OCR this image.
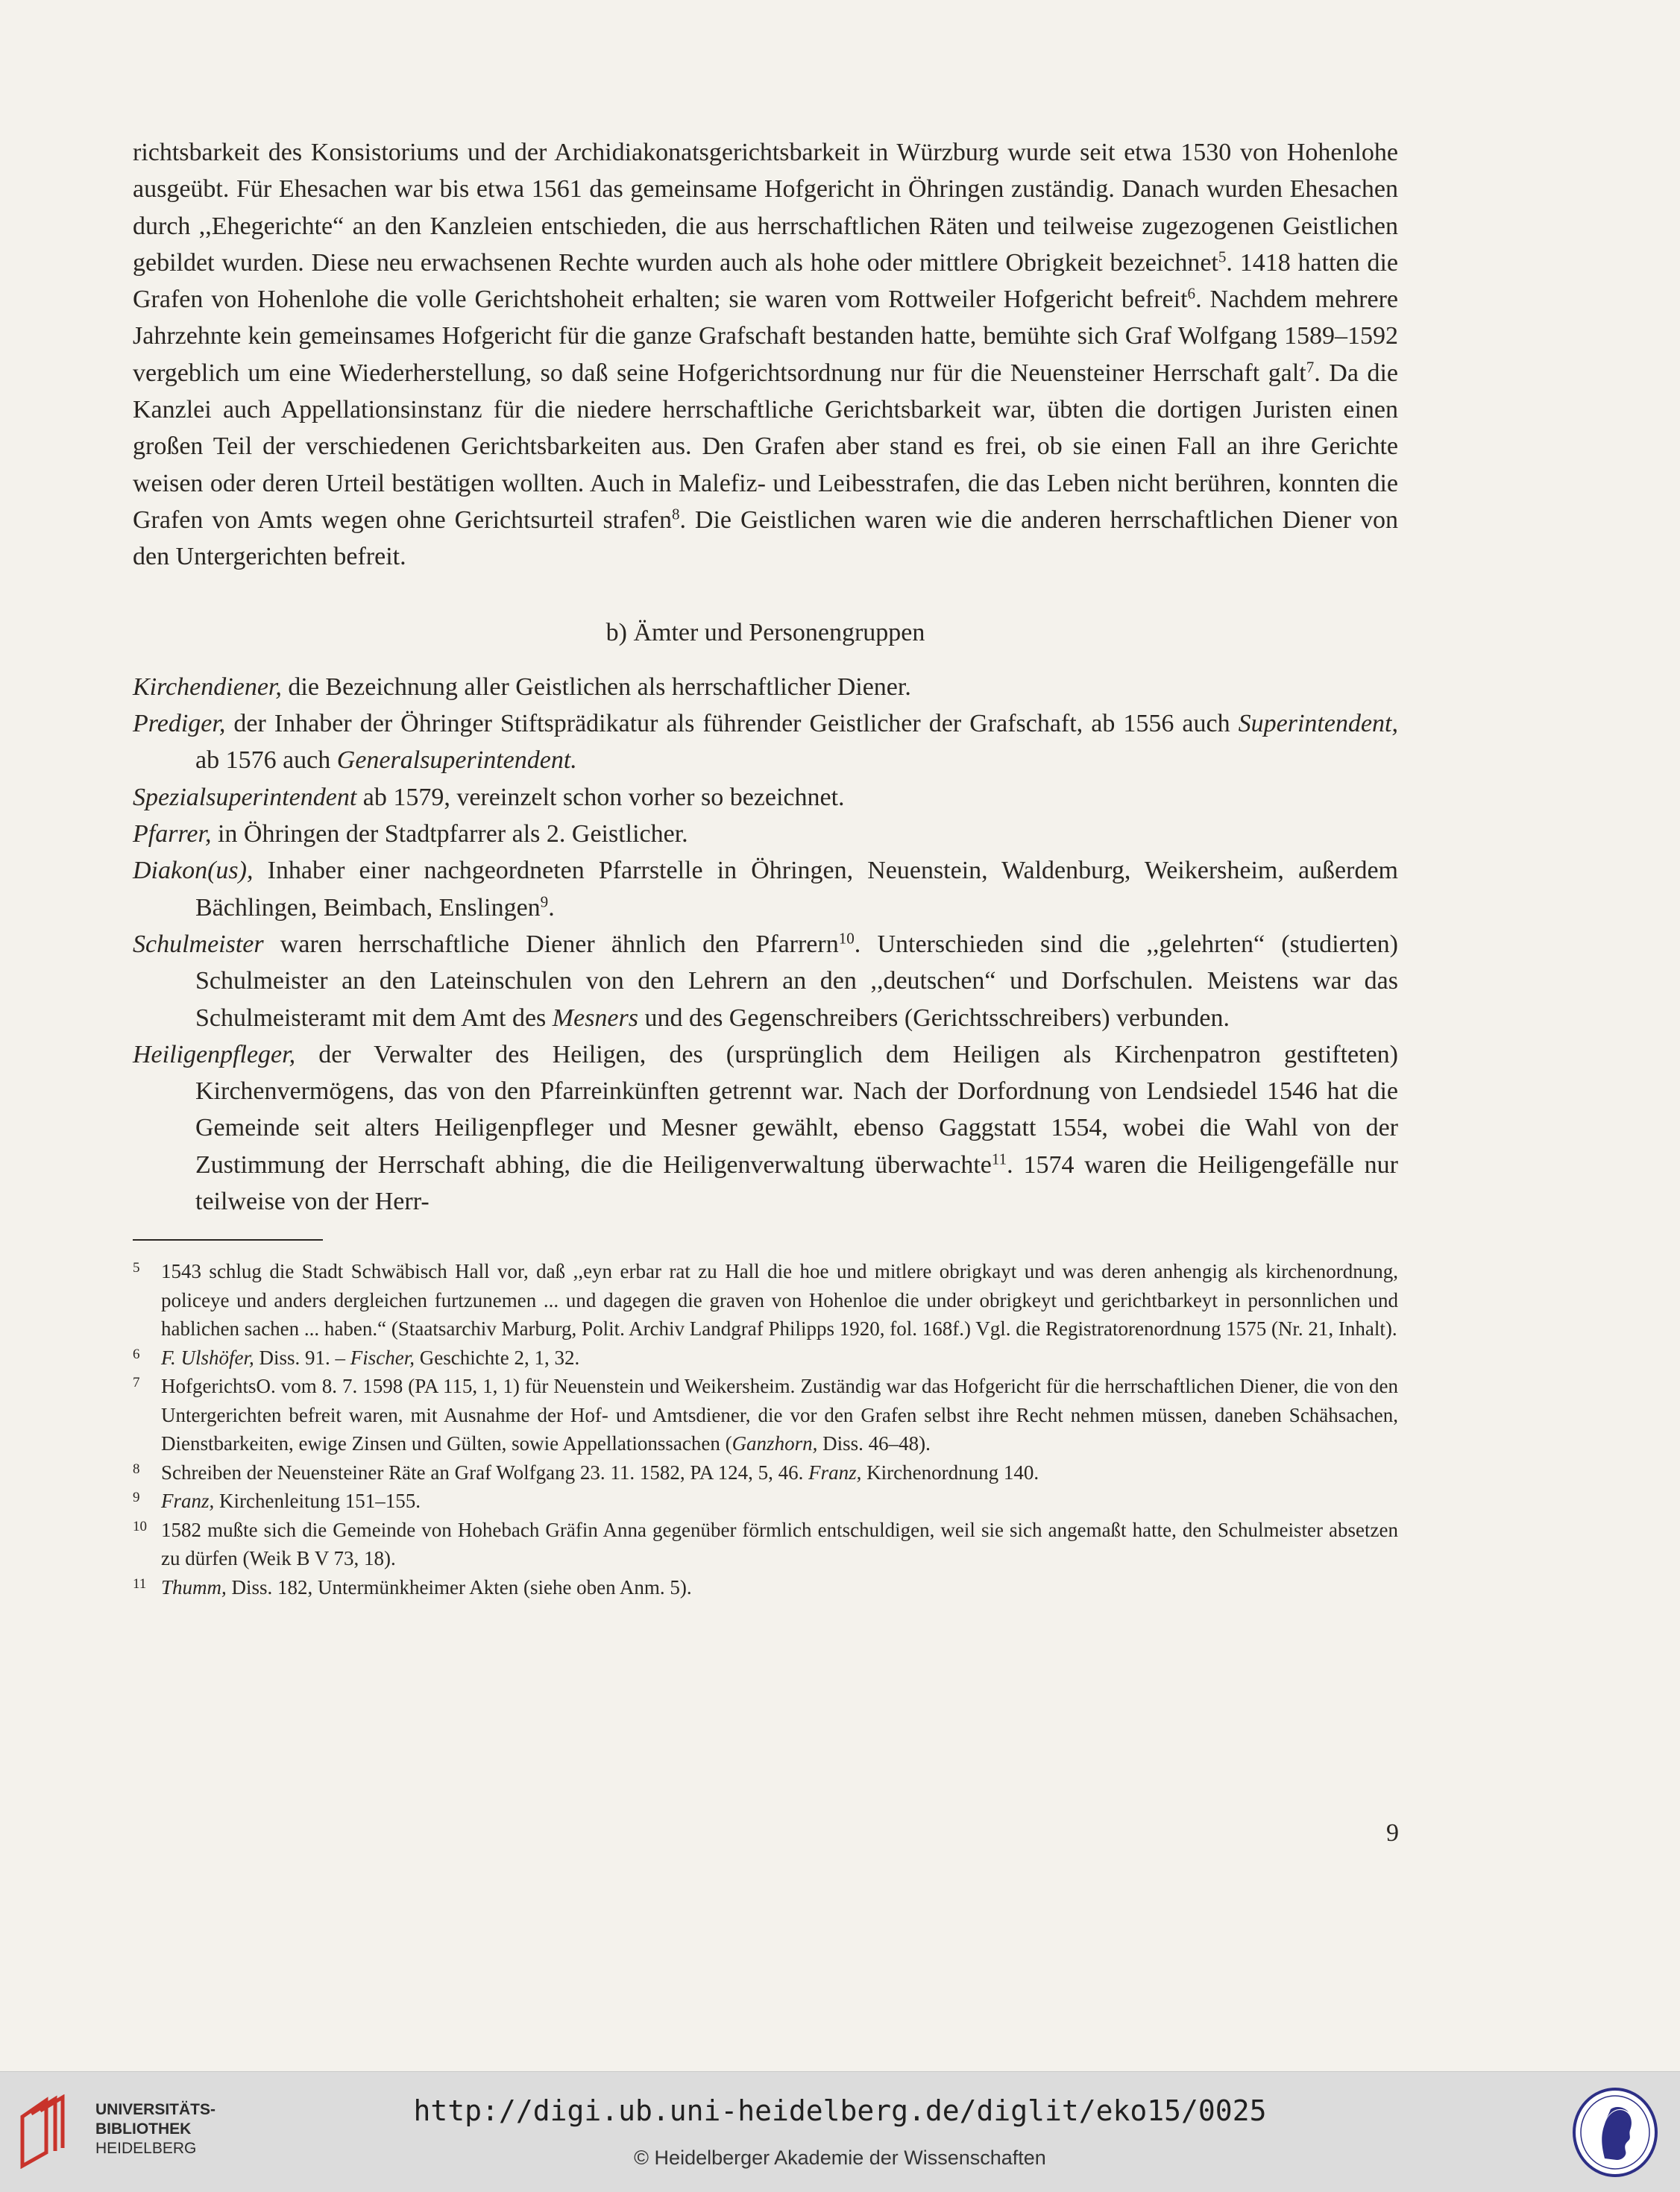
richtsbarkeit des Konsistoriums und der Archidiakonatsgerichtsbarkeit in Würzburg wurde seit etwa 1530 von Hohenlohe ausgeübt. Für Ehesachen war bis etwa 1561 das gemeinsame Hofgericht in Öhringen zuständig. Danach wurden Ehesachen durch ,,Ehegerichte“ an den Kanzleien entschieden, die aus herrschaftlichen Räten und teilweise zugezogenen Geistlichen gebildet wurden. Diese neu erwachsenen Rechte wurden auch als hohe oder mittlere Obrigkeit bezeichnet$^5$. 1418 hatten die Grafen von Hohenlohe die volle Gerichtshoheit erhalten; sie waren vom Rottweiler Hofgericht befreit$^6$. Nachdem mehrere Jahrzehnte kein gemeinsames Hofgericht für die ganze Grafschaft bestanden hatte, bemühte sich Graf Wolfgang 1589–1592 vergeblich um eine Wiederherstellung, so daß seine Hofgerichtsordnung nur für die Neuensteiner Herrschaft galt$^7$. Da die Kanzlei auch Appellationsinstanz für die niedere herrschaftliche Gerichtsbarkeit war, übten die dortigen Juristen einen großen Teil der verschiedenen Gerichtsbarkeiten aus. Den Grafen aber stand es frei, ob sie einen Fall an ihre Gerichte weisen oder deren Urteil bestätigen wollten. Auch in Malefiz- und Leibesstrafen, die das Leben nicht berühren, konnten die Grafen von Amts wegen ohne Gerichtsurteil strafen$^8$. Die Geistlichen waren wie die anderen herrschaftlichen Diener von den Untergerichten befreit.

b) Ämter und Personengruppen

Kirchendiener, die Bezeichnung aller Geistlichen als herrschaftlicher Diener.

Prediger, der Inhaber der Öhringer Stiftsprädikatur als führender Geistlicher der Grafschaft, ab 1556 auch Superintendent, ab 1576 auch Generalsuperintendent.

Spezialsuperintendent ab 1579, vereinzelt schon vorher so bezeichnet.

Pfarrer, in Öhringen der Stadtpfarrer als 2. Geistlicher.

Diakon(us), Inhaber einer nachgeordneten Pfarrstelle in Öhringen, Neuenstein, Waldenburg, Weikersheim, außerdem Bächlingen, Beimbach, Enslingen$^9$.

Schulmeister waren herrschaftliche Diener ähnlich den Pfarrern$^{10}$. Unterschieden sind die ,,gelehrten“ (studierten) Schulmeister an den Lateinschulen von den Lehrern an den ,,deutschen“ und Dorfschulen. Meistens war das Schulmeisteramt mit dem Amt des Mesners und des Gegenschreibers (Gerichtsschreibers) verbunden.

Heiligenpfleger, der Verwalter des Heiligen, des (ursprünglich dem Heiligen als Kirchenpatron gestifteten) Kirchenvermögens, das von den Pfarreinkünften getrennt war. Nach der Dorfordnung von Lendsiedel 1546 hat die Gemeinde seit alters Heiligenpfleger und Mesner gewählt, ebenso Gaggstatt 1554, wobei die Wahl von der Zustimmung der Herrschaft abhing, die die Heiligenverwaltung überwachte$^{11}$. 1574 waren die Heiligengefälle nur teilweise von der Herr-

5 1543 schlug die Stadt Schwäbisch Hall vor, daß ,,eyn erbar rat zu Hall die hoe und mitlere obrigkayt und was deren anhengig als kirchenordnung, policeye und anders dergleichen furtzunemen ... und dagegen die graven von Hohenloe die under obrigkeyt und gerichtbarkeyt in personnlichen und hablichen sachen ... haben.“ (Staatsarchiv Marburg, Polit. Archiv Landgraf Philipps 1920, fol. 168f.) Vgl. die Registratorenordnung 1575 (Nr. 21, Inhalt).

6 F. Ulshöfer, Diss. 91. – Fischer, Geschichte 2, 1, 32.

7 HofgerichtsO. vom 8. 7. 1598 (PA 115, 1, 1) für Neuenstein und Weikersheim. Zuständig war das Hofgericht für die herrschaftlichen Diener, die von den Untergerichten befreit waren, mit Ausnahme der Hof- und Amtsdiener, die vor den Grafen selbst ihre Recht nehmen müssen, daneben Schähsachen, Dienstbarkeiten, ewige Zinsen und Gülten, sowie Appellationssachen (Ganzhorn, Diss. 46–48).

8 Schreiben der Neuensteiner Räte an Graf Wolfgang 23. 11. 1582, PA 124, 5, 46. Franz, Kirchenordnung 140.

9 Franz, Kirchenleitung 151–155.

10 1582 mußte sich die Gemeinde von Hohebach Gräfin Anna gegenüber förmlich entschuldigen, weil sie sich angemaßt hatte, den Schulmeister absetzen zu dürfen (Weik B V 73, 18).

11 Thumm, Diss. 182, Untermünkheimer Akten (siehe oben Anm. 5).

9
UNIVERSITÄTS-
BIBLIOTHEK
HEIDELBERG
http://digi.ub.uni-heidelberg.de/diglit/eko15/0025
© Heidelberger Akademie der Wissenschaften
